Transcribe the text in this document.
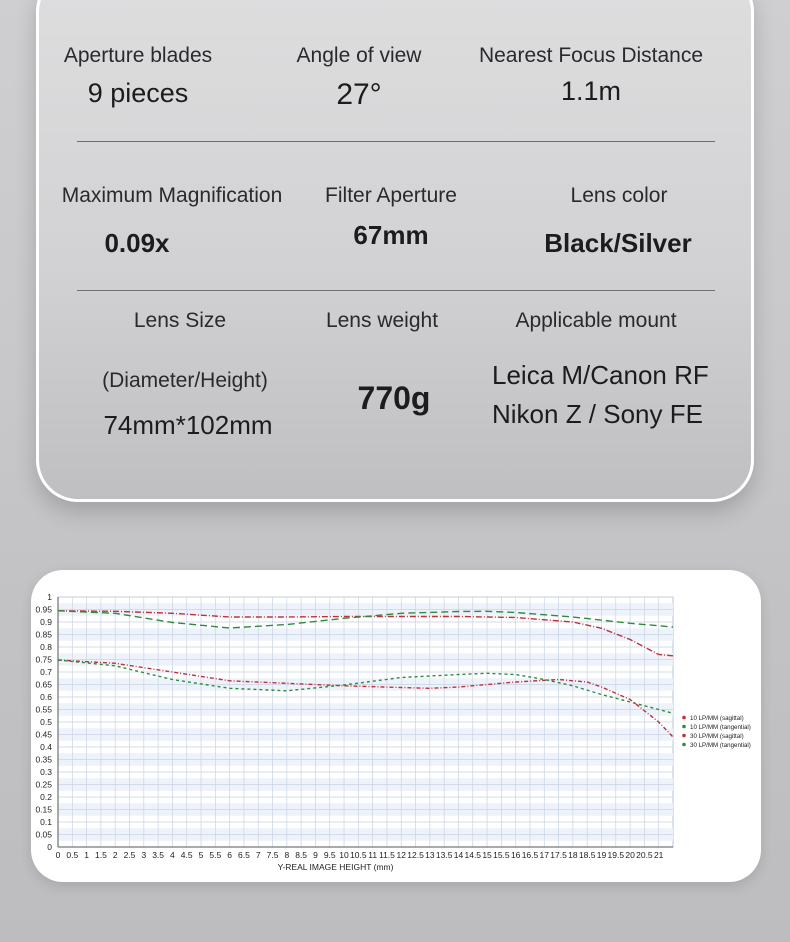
Aperture blades
9 pieces
Angle of view
27°
Nearest Focus Distance
1.1m
Maximum Magnification
0.09x
Filter Aperture
67mm
Lens color
Black/Silver
Lens Size
(Diameter/Height)
74mm*102mm
Lens weight
770g
Applicable mount
Leica M/Canon RF
Nikon Z / Sony FE
0
0.05
0.1
0.15
0.2
0.25
0.3
0.35
0.4
0.45
0.5
0.55
0.6
0.65
0.7
0.75
0.8
0.85
0.9
0.95
1
0 0.5 1 1.5 2 2.5 3 3.5 4 4.5 5 5.5 6 6.5 7 7.5 8 8.5 9 9.5 10 10.5 11 11.5 12 12.5 13 13.5 14 14.5 15 15.5 16 16.5 17 17.5 18 18.5 19 19.5 20 20.5 21
Y-REAL IMAGE HEIGHT (mm)
10 LP/MM (sagittal)
10 LP/MM (tangential)
30 LP/MM (sagittal)
30 LP/MM (tangential)
